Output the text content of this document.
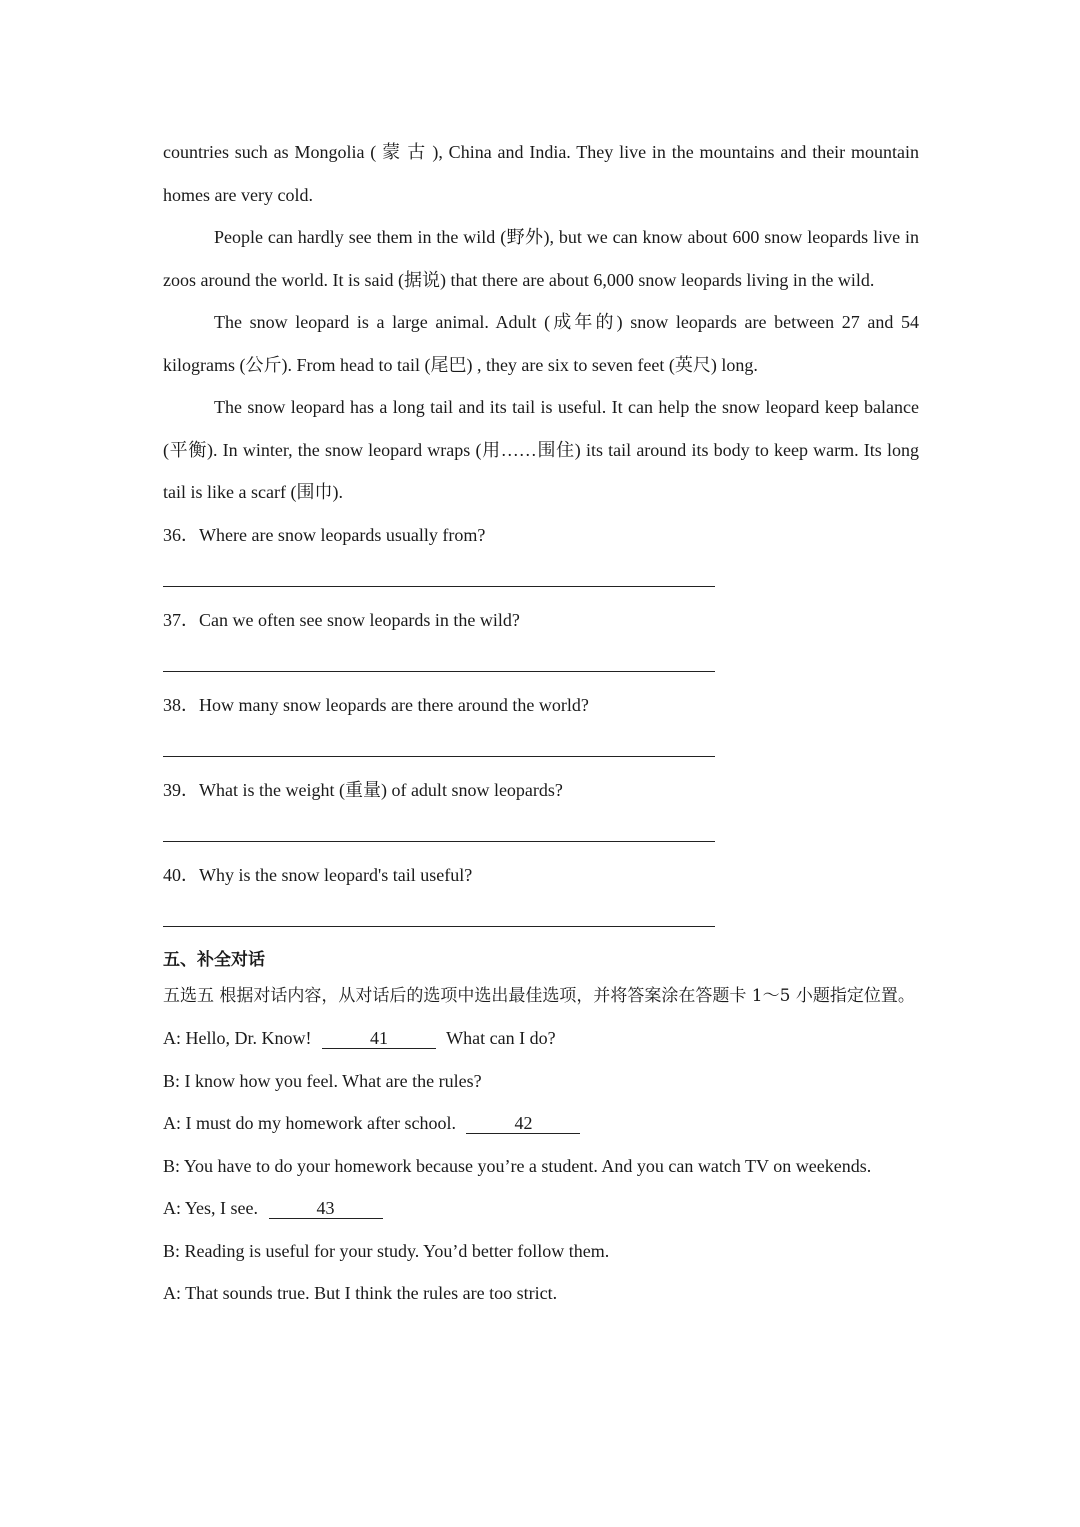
countries such as Mongolia ( 蒙 古 ), China and India. They live in the mountains and their mountain homes are very cold.

People can hardly see them in the wild (野外), but we can know about 600 snow leopards live in zoos around the world. It is said (据说) that there are about 6,000 snow leopards living in the wild.

The snow leopard is a large animal. Adult (成年的) snow leopards are between 27 and 54 kilograms (公斤). From head to tail (尾巴) , they are six to seven feet (英尺) long.

The snow leopard has a long tail and its tail is useful. It can help the snow leopard keep balance (平衡). In winter, the snow leopard wraps (用……围住) its tail around its body to keep warm. Its long tail is like a scarf (围巾).

36．Where are snow leopards usually from?

37．Can we often see snow leopards in the wild?

38．How many snow leopards are there around the world?

39．What is the weight (重量) of adult snow leopards?

40．Why is the snow leopard's tail useful?

五、补全对话

五选五 根据对话内容，从对话后的选项中选出最佳选项，并将答案涂在答题卡 1～5 小题指定位置。

A: Hello, Dr. Know!	41	What can I do?

B: I know how you feel. What are the rules?

A: I must do my homework after school.	42

B: You have to do your homework because you’re a student. And you can watch TV on weekends.

A: Yes, I see.	43

B: Reading is useful for your study. You’d better follow them.

A: That sounds true. But I think the rules are too strict.
